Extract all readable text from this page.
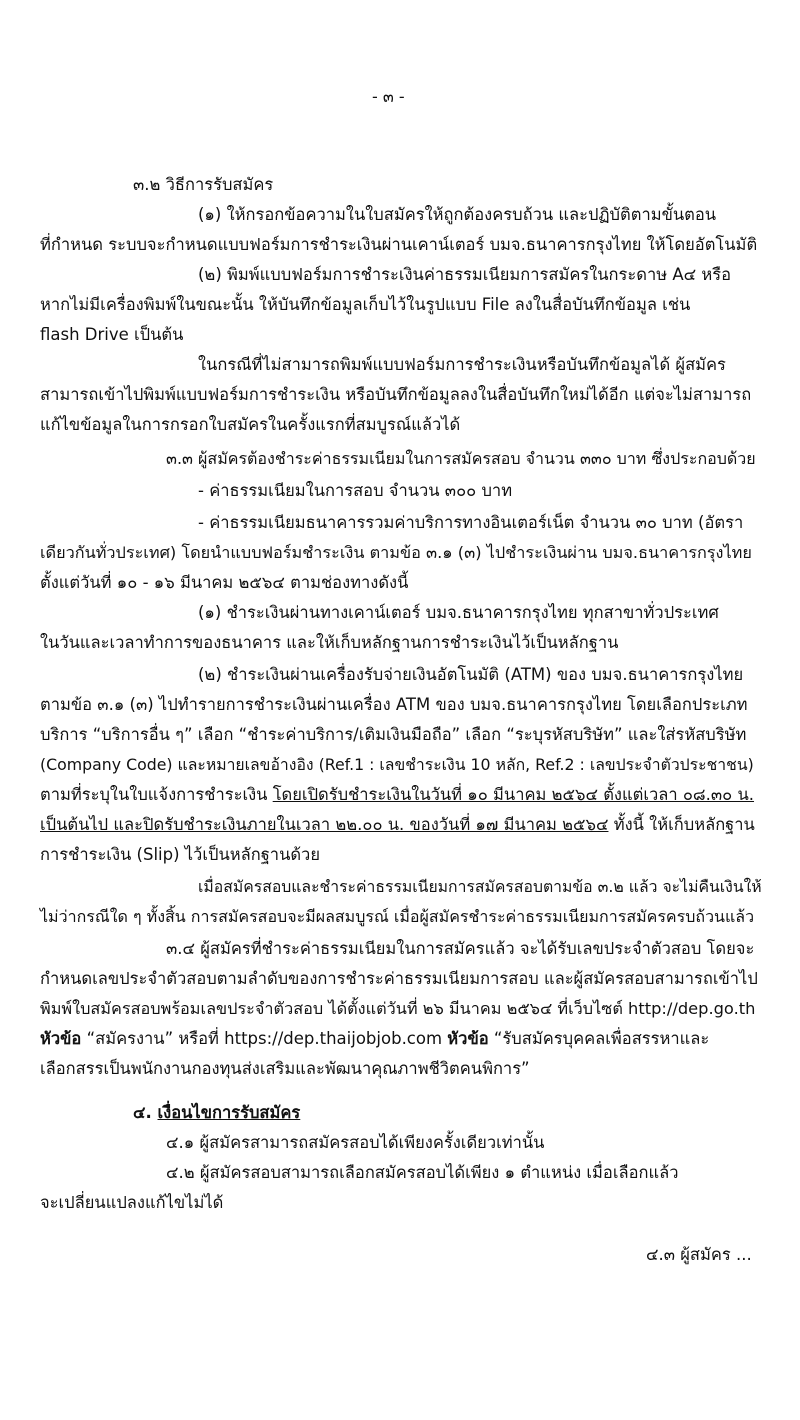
- ๓ -
๓.๒ วิธีการรับสมัคร
(๑) ให้กรอกข้อความในใบสมัครให้ถูกต้องครบถ้วน และปฏิบัติตามขั้นตอน
ที่กำหนด ระบบจะกำหนดแบบฟอร์มการชำระเงินผ่านเคาน์เตอร์ บมจ.ธนาคารกรุงไทย ให้โดยอัตโนมัติ
(๒) พิมพ์แบบฟอร์มการชำระเงินค่าธรรมเนียมการสมัครในกระดาษ A๔ หรือ
หากไม่มีเครื่องพิมพ์ในขณะนั้น ให้บันทึกข้อมูลเก็บไว้ในรูปแบบ File ลงในสื่อบันทึกข้อมูล เช่น
flash Drive เป็นต้น
ในกรณีที่ไม่สามารถพิมพ์แบบฟอร์มการชำระเงินหรือบันทึกข้อมูลได้ ผู้สมัคร
สามารถเข้าไปพิมพ์แบบฟอร์มการชำระเงิน หรือบันทึกข้อมูลลงในสื่อบันทึกใหม่ได้อีก แต่จะไม่สามารถ
แก้ไขข้อมูลในการกรอกใบสมัครในครั้งแรกที่สมบูรณ์แล้วได้
๓.๓ ผู้สมัครต้องชำระค่าธรรมเนียมในการสมัครสอบ จำนวน ๓๓๐ บาท ซึ่งประกอบด้วย
- ค่าธรรมเนียมในการสอบ จำนวน ๓๐๐ บาท
- ค่าธรรมเนียมธนาคารรวมค่าบริการทางอินเตอร์เน็ต จำนวน ๓๐ บาท (อัตรา
เดียวกันทั่วประเทศ) โดยนำแบบฟอร์มชำระเงิน ตามข้อ ๓.๑ (๓) ไปชำระเงินผ่าน บมจ.ธนาคารกรุงไทย
ตั้งแต่วันที่ ๑๐ - ๑๖ มีนาคม ๒๕๖๔ ตามช่องทางดังนี้
(๑) ชำระเงินผ่านทางเคาน์เตอร์ บมจ.ธนาคารกรุงไทย ทุกสาขาทั่วประเทศ
ในวันและเวลาทำการของธนาคาร และให้เก็บหลักฐานการชำระเงินไว้เป็นหลักฐาน
(๒) ชำระเงินผ่านเครื่องรับจ่ายเงินอัตโนมัติ (ATM) ของ บมจ.ธนาคารกรุงไทย
ตามข้อ ๓.๑ (๓) ไปทำรายการชำระเงินผ่านเครื่อง ATM ของ บมจ.ธนาคารกรุงไทย โดยเลือกประเภท
บริการ “บริการอื่น ๆ” เลือก “ชำระค่าบริการ/เติมเงินมือถือ” เลือก “ระบุรหัสบริษัท” และใส่รหัสบริษัท
(Company Code) และหมายเลขอ้างอิง (Ref.1 : เลขชำระเงิน 10 หลัก, Ref.2 : เลขประจำตัวประชาชน)
ตามที่ระบุในใบแจ้งการชำระเงิน โดยเปิดรับชำระเงินในวันที่ ๑๐ มีนาคม ๒๕๖๔ ตั้งแต่เวลา ๐๘.๓๐ น.
เป็นต้นไป และปิดรับชำระเงินภายในเวลา ๒๒.๐๐ น. ของวันที่ ๑๗ มีนาคม ๒๕๖๔ ทั้งนี้ ให้เก็บหลักฐาน
การชำระเงิน (Slip) ไว้เป็นหลักฐานด้วย
เมื่อสมัครสอบและชำระค่าธรรมเนียมการสมัครสอบตามข้อ ๓.๒ แล้ว จะไม่คืนเงินให้
ไม่ว่ากรณีใด ๆ ทั้งสิ้น การสมัครสอบจะมีผลสมบูรณ์ เมื่อผู้สมัครชำระค่าธรรมเนียมการสมัครครบถ้วนแล้ว
๓.๔ ผู้สมัครที่ชำระค่าธรรมเนียมในการสมัครแล้ว จะได้รับเลขประจำตัวสอบ โดยจะ
กำหนดเลขประจำตัวสอบตามลำดับของการชำระค่าธรรมเนียมการสอบ และผู้สมัครสอบสามารถเข้าไป
พิมพ์ใบสมัครสอบพร้อมเลขประจำตัวสอบ ได้ตั้งแต่วันที่ ๒๖ มีนาคม ๒๕๖๔ ที่เว็บไซต์ http://dep.go.th
หัวข้อ “สมัครงาน” หรือที่ https://dep.thaijobjob.com หัวข้อ “รับสมัครบุคคลเพื่อสรรหาและ
เลือกสรรเป็นพนักงานกองทุนส่งเสริมและพัฒนาคุณภาพชีวิตคนพิการ”
๔. เงื่อนไขการรับสมัคร
๔.๑ ผู้สมัครสามารถสมัครสอบได้เพียงครั้งเดียวเท่านั้น
๔.๒ ผู้สมัครสอบสามารถเลือกสมัครสอบได้เพียง ๑ ตำแหน่ง เมื่อเลือกแล้ว
จะเปลี่ยนแปลงแก้ไขไม่ได้
๔.๓ ผู้สมัคร ...
